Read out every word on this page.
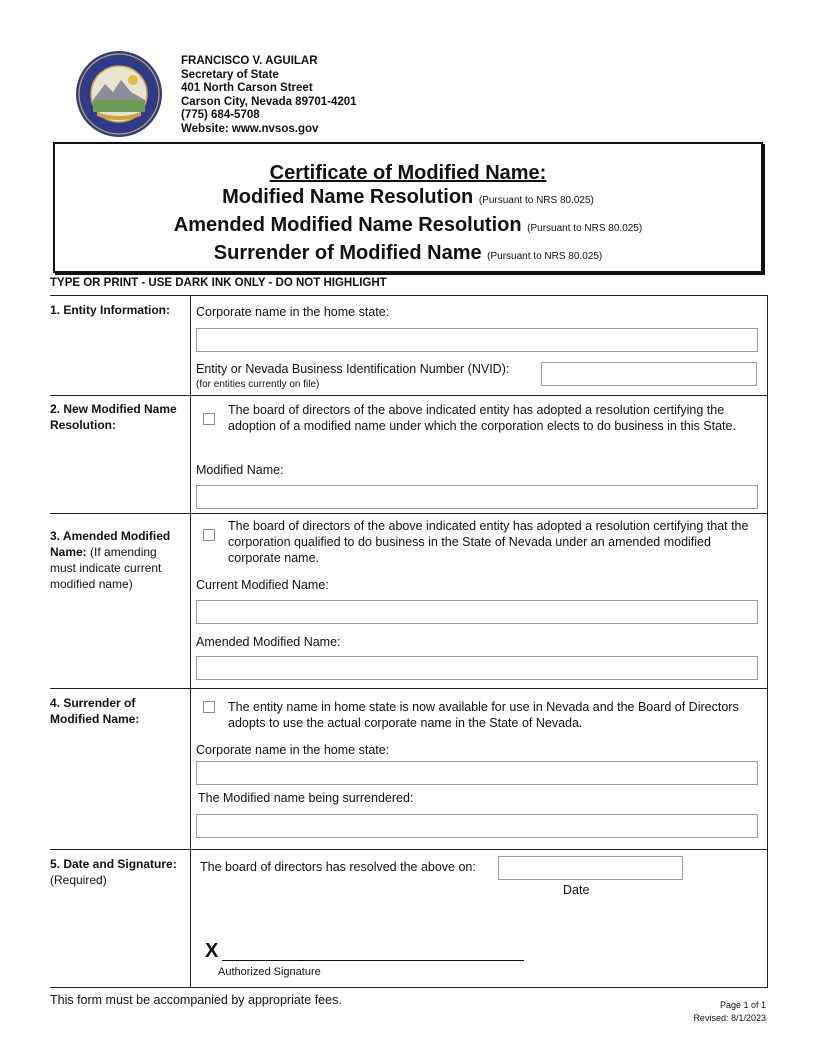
FRANCISCO V. AGUILAR
Secretary of State
401 North Carson Street
Carson City, Nevada 89701-4201
(775) 684-5708
Website: www.nvsos.gov
Certificate of Modified Name:
Modified Name Resolution (Pursuant to NRS 80.025)
Amended Modified Name Resolution (Pursuant to NRS 80.025)
Surrender of Modified Name (Pursuant to NRS 80.025)
TYPE OR PRINT - USE DARK INK ONLY - DO NOT HIGHLIGHT
1. Entity Information:	Corporate name in the home state:
Entity or Nevada Business Identification Number (NVID):
(for entities currently on file)
2. New Modified Name Resolution:
The board of directors of the above indicated entity has adopted a resolution certifying the adoption of a modified name under which the corporation elects to do business in this State.
Modified Name:
3. Amended Modified Name: (If amending must indicate current modified name)
The board of directors of the above indicated entity has adopted a resolution certifying that the corporation qualified to do business in the State of Nevada under an amended modified corporate name.
Current Modified Name:
Amended Modified Name:
4. Surrender of Modified Name:
The entity name in home state is now available for use in Nevada and the Board of Directors adopts to use the actual corporate name in the State of Nevada.
Corporate name in the home state:
The Modified name being surrendered:
5. Date and Signature:
(Required)
The board of directors has resolved the above on:
Date
X
Authorized Signature
This form must be accompanied by appropriate fees.	Page 1 of 1
Revised: 8/1/2023
